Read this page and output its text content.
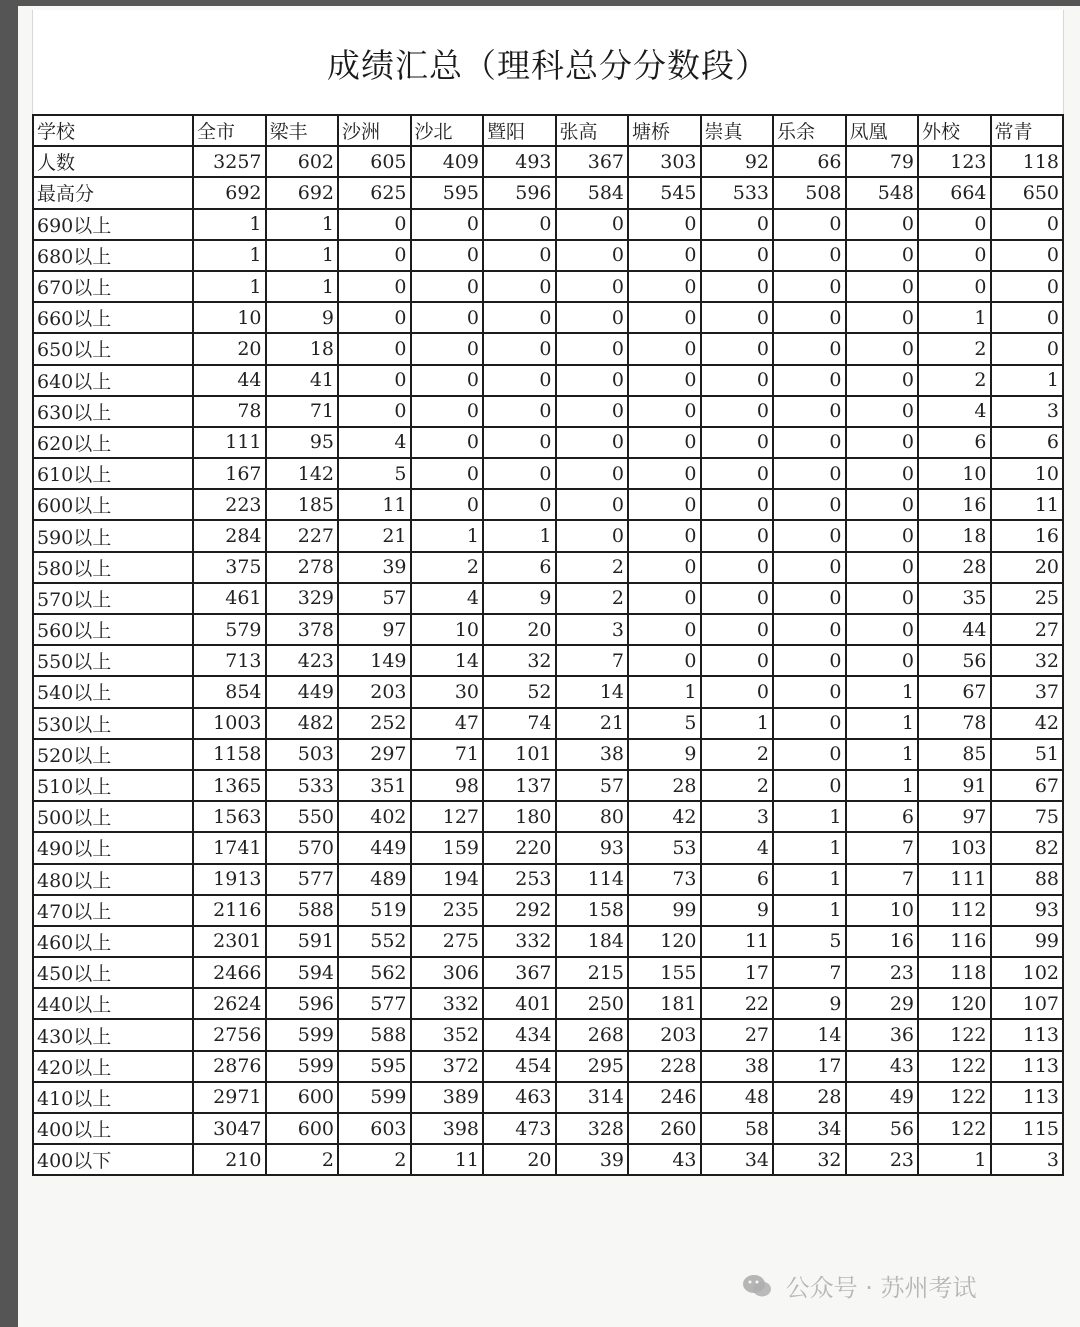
成绩汇总（理科总分分数段）
学校	全市	梁丰	沙洲	沙北	暨阳	张高	塘桥	崇真	乐余	凤凰	外校	常青
人数	3257	602	605	409	493	367	303	92	66	79	123	118
最高分	692	692	625	595	596	584	545	533	508	548	664	650
690以上	1	1	0	0	0	0	0	0	0	0	0	0
680以上	1	1	0	0	0	0	0	0	0	0	0	0
670以上	1	1	0	0	0	0	0	0	0	0	0	0
660以上	10	9	0	0	0	0	0	0	0	0	1	0
650以上	20	18	0	0	0	0	0	0	0	0	2	0
640以上	44	41	0	0	0	0	0	0	0	0	2	1
630以上	78	71	0	0	0	0	0	0	0	0	4	3
620以上	111	95	4	0	0	0	0	0	0	0	6	6
610以上	167	142	5	0	0	0	0	0	0	0	10	10
600以上	223	185	11	0	0	0	0	0	0	0	16	11
590以上	284	227	21	1	1	0	0	0	0	0	18	16
580以上	375	278	39	2	6	2	0	0	0	0	28	20
570以上	461	329	57	4	9	2	0	0	0	0	35	25
560以上	579	378	97	10	20	3	0	0	0	0	44	27
550以上	713	423	149	14	32	7	0	0	0	0	56	32
540以上	854	449	203	30	52	14	1	0	0	1	67	37
530以上	1003	482	252	47	74	21	5	1	0	1	78	42
520以上	1158	503	297	71	101	38	9	2	0	1	85	51
510以上	1365	533	351	98	137	57	28	2	0	1	91	67
500以上	1563	550	402	127	180	80	42	3	1	6	97	75
490以上	1741	570	449	159	220	93	53	4	1	7	103	82
480以上	1913	577	489	194	253	114	73	6	1	7	111	88
470以上	2116	588	519	235	292	158	99	9	1	10	112	93
460以上	2301	591	552	275	332	184	120	11	5	16	116	99
450以上	2466	594	562	306	367	215	155	17	7	23	118	102
440以上	2624	596	577	332	401	250	181	22	9	29	120	107
430以上	2756	599	588	352	434	268	203	27	14	36	122	113
420以上	2876	599	595	372	454	295	228	38	17	43	122	113
410以上	2971	600	599	389	463	314	246	48	28	49	122	113
400以上	3047	600	603	398	473	328	260	58	34	56	122	115
400以下	210	2	2	11	20	39	43	34	32	23	1	3
公众号 · 苏州考试
